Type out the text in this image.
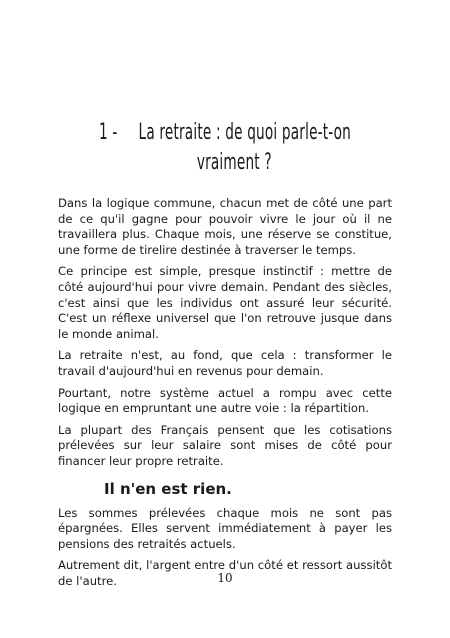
1 - La retraite : de quoi parle-t-on
vraiment ?

Dans la logique commune, chacun met de côté une part de ce qu'il gagne pour pouvoir vivre le jour où il ne travaillera plus. Chaque mois, une réserve se constitue, une forme de tirelire destinée à traverser le temps.

Ce principe est simple, presque instinctif : mettre de côté aujourd'hui pour vivre demain. Pendant des siècles, c'est ainsi que les individus ont assuré leur sécurité. C'est un réflexe universel que l'on retrouve jusque dans le monde animal.

La retraite n'est, au fond, que cela : transformer le travail d'aujourd'hui en revenus pour demain.

Pourtant, notre système actuel a rompu avec cette logique en empruntant une autre voie : la répartition.

La plupart des Français pensent que les cotisations prélevées sur leur salaire sont mises de côté pour financer leur propre retraite.

Il n'en est rien.

Les sommes prélevées chaque mois ne sont pas épargnées. Elles servent immédiatement à payer les pensions des retraités actuels.

Autrement dit, l'argent entre d'un côté et ressort aussitôt de l'autre.	10
